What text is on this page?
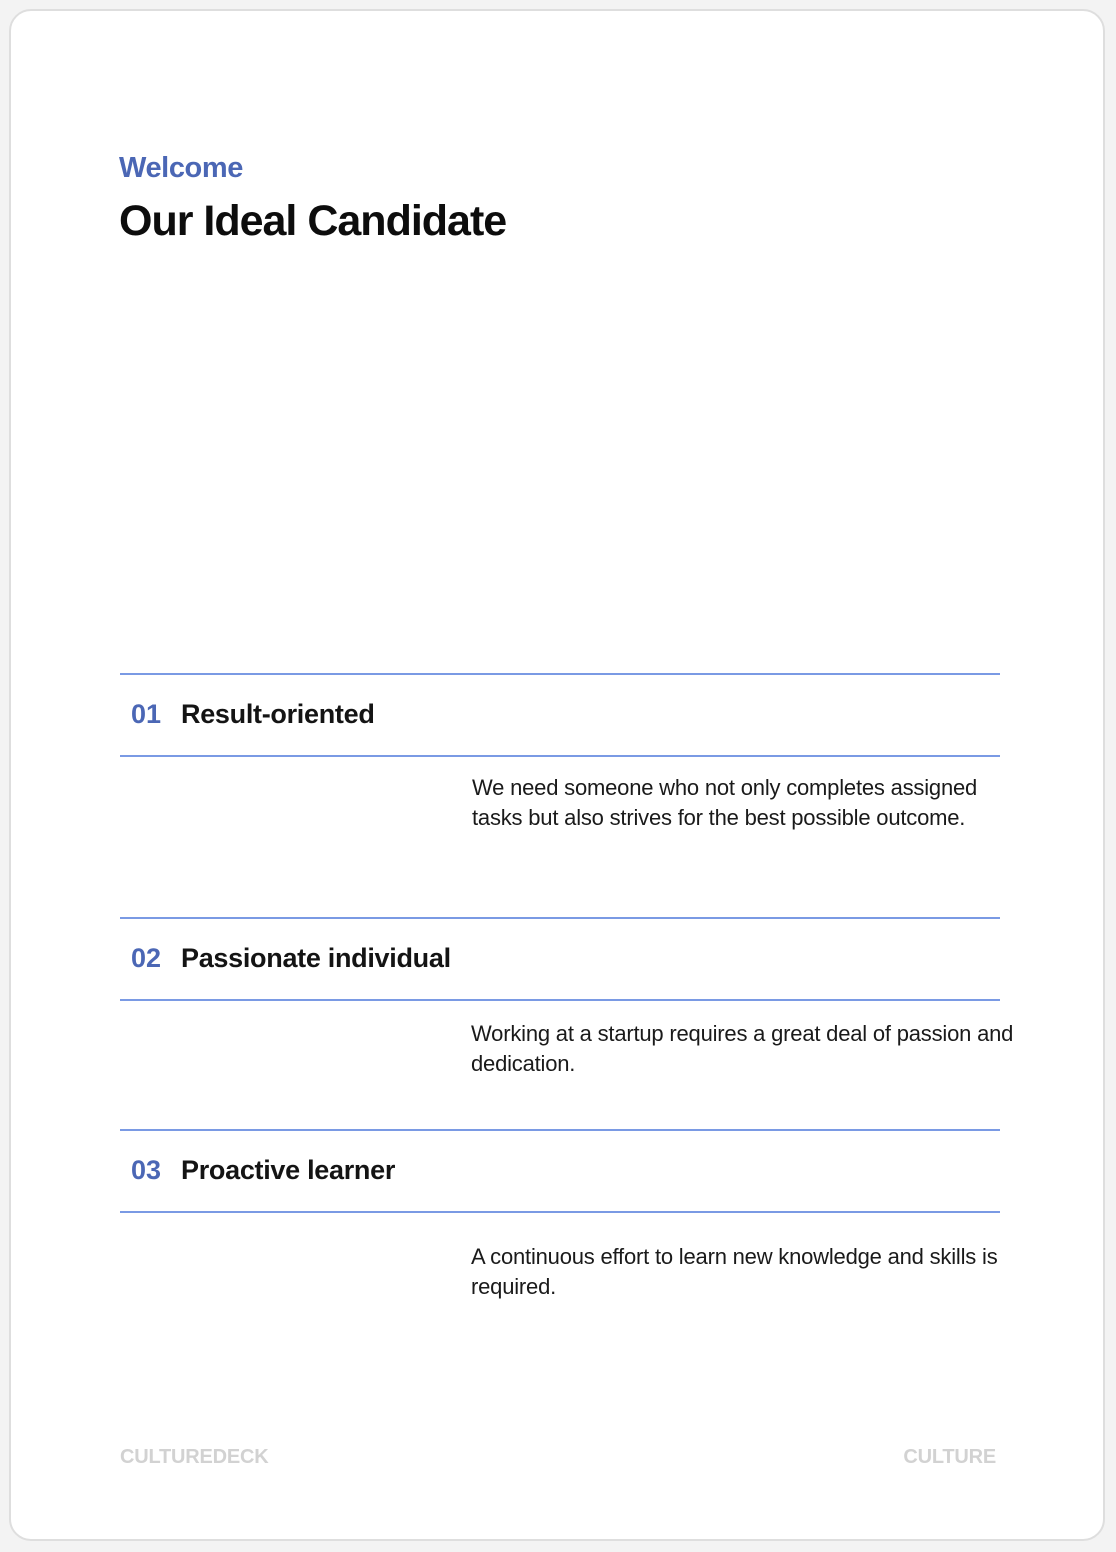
Welcome
Our Ideal Candidate
01 Result-oriented
We need someone who not only completes assigned tasks but also strives for the best possible outcome.
02 Passionate individual
Working at a startup requires a great deal of passion and dedication.
03 Proactive learner
A continuous effort to learn new knowledge and skills is required.
CULTUREDECK	CULTURE
